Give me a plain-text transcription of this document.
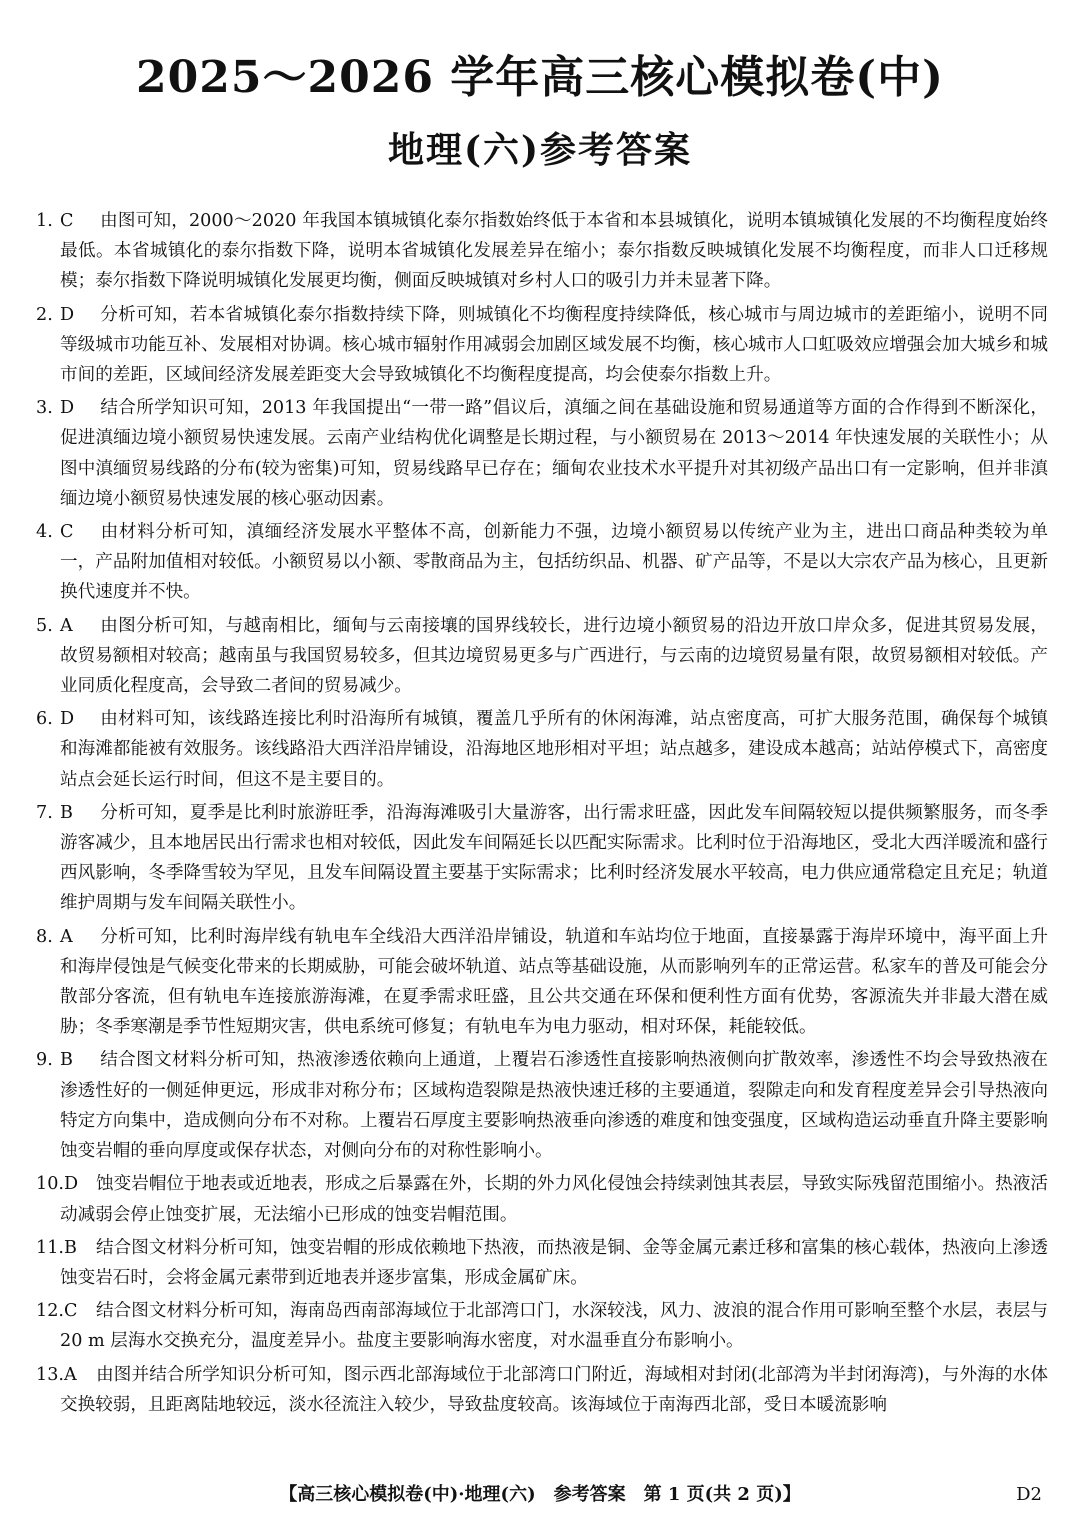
2025～2026 学年高三核心模拟卷(中)
地理(六)参考答案
1. C 由图可知，2000～2020 年我国本镇城镇化泰尔指数始终低于本省和本县城镇化，说明本镇城镇化发展的不均衡程度始终最低。本省城镇化的泰尔指数下降，说明本省城镇化发展差异在缩小；泰尔指数反映城镇化发展不均衡程度，而非人口迁移规模；泰尔指数下降说明城镇化发展更均衡，侧面反映城镇对乡村人口的吸引力并未显著下降。
2. D 分析可知，若本省城镇化泰尔指数持续下降，则城镇化不均衡程度持续降低，核心城市与周边城市的差距缩小，说明不同等级城市功能互补、发展相对协调。核心城市辐射作用减弱会加剧区域发展不均衡，核心城市人口虹吸效应增强会加大城乡和城市间的差距，区域间经济发展差距变大会导致城镇化不均衡程度提高，均会使泰尔指数上升。
3. D 结合所学知识可知，2013 年我国提出“一带一路”倡议后，滇缅之间在基础设施和贸易通道等方面的合作得到不断深化，促进滇缅边境小额贸易快速发展。云南产业结构优化调整是长期过程，与小额贸易在 2013～2014 年快速发展的关联性小；从图中滇缅贸易线路的分布(较为密集)可知，贸易线路早已存在；缅甸农业技术水平提升对其初级产品出口有一定影响，但并非滇缅边境小额贸易快速发展的核心驱动因素。
4. C 由材料分析可知，滇缅经济发展水平整体不高，创新能力不强，边境小额贸易以传统产业为主，进出口商品种类较为单一，产品附加值相对较低。小额贸易以小额、零散商品为主，包括纺织品、机器、矿产品等，不是以大宗农产品为核心，且更新换代速度并不快。
5. A 由图分析可知，与越南相比，缅甸与云南接壤的国界线较长，进行边境小额贸易的沿边开放口岸众多，促进其贸易发展，故贸易额相对较高；越南虽与我国贸易较多，但其边境贸易更多与广西进行，与云南的边境贸易量有限，故贸易额相对较低。产业同质化程度高，会导致二者间的贸易减少。
6. D 由材料可知，该线路连接比利时沿海所有城镇，覆盖几乎所有的休闲海滩，站点密度高，可扩大服务范围，确保每个城镇和海滩都能被有效服务。该线路沿大西洋沿岸铺设，沿海地区地形相对平坦；站点越多，建设成本越高；站站停模式下，高密度站点会延长运行时间，但这不是主要目的。
7. B 分析可知，夏季是比利时旅游旺季，沿海海滩吸引大量游客，出行需求旺盛，因此发车间隔较短以提供频繁服务，而冬季游客减少，且本地居民出行需求也相对较低，因此发车间隔延长以匹配实际需求。比利时位于沿海地区，受北大西洋暖流和盛行西风影响，冬季降雪较为罕见，且发车间隔设置主要基于实际需求；比利时经济发展水平较高，电力供应通常稳定且充足；轨道维护周期与发车间隔关联性小。
8. A 分析可知，比利时海岸线有轨电车全线沿大西洋沿岸铺设，轨道和车站均位于地面，直接暴露于海岸环境中，海平面上升和海岸侵蚀是气候变化带来的长期威胁，可能会破坏轨道、站点等基础设施，从而影响列车的正常运营。私家车的普及可能会分散部分客流，但有轨电车连接旅游海滩，在夏季需求旺盛，且公共交通在环保和便利性方面有优势，客源流失并非最大潜在威胁；冬季寒潮是季节性短期灾害，供电系统可修复；有轨电车为电力驱动，相对环保，耗能较低。
9. B 结合图文材料分析可知，热液渗透依赖向上通道，上覆岩石渗透性直接影响热液侧向扩散效率，渗透性不均会导致热液在渗透性好的一侧延伸更远，形成非对称分布；区域构造裂隙是热液快速迁移的主要通道，裂隙走向和发育程度差异会引导热液向特定方向集中，造成侧向分布不对称。上覆岩石厚度主要影响热液垂向渗透的难度和蚀变强度，区域构造运动垂直升降主要影响蚀变岩帽的垂向厚度或保存状态，对侧向分布的对称性影响小。
10.D 蚀变岩帽位于地表或近地表，形成之后暴露在外，长期的外力风化侵蚀会持续剥蚀其表层，导致实际残留范围缩小。热液活动减弱会停止蚀变扩展，无法缩小已形成的蚀变岩帽范围。
11.B 结合图文材料分析可知，蚀变岩帽的形成依赖地下热液，而热液是铜、金等金属元素迁移和富集的核心载体，热液向上渗透蚀变岩石时，会将金属元素带到近地表并逐步富集，形成金属矿床。
12.C 结合图文材料分析可知，海南岛西南部海域位于北部湾口门，水深较浅，风力、波浪的混合作用可影响至整个水层，表层与 20 m 层海水交换充分，温度差异小。盐度主要影响海水密度，对水温垂直分布影响小。
13.A 由图并结合所学知识分析可知，图示西北部海域位于北部湾口门附近，海域相对封闭(北部湾为半封闭海湾)，与外海的水体交换较弱，且距离陆地较远，淡水径流注入较少，导致盐度较高。该海域位于南海西北部，受日本暖流影响
【高三核心模拟卷(中)·地理(六)　参考答案　第 1 页(共 2 页)】	D2
